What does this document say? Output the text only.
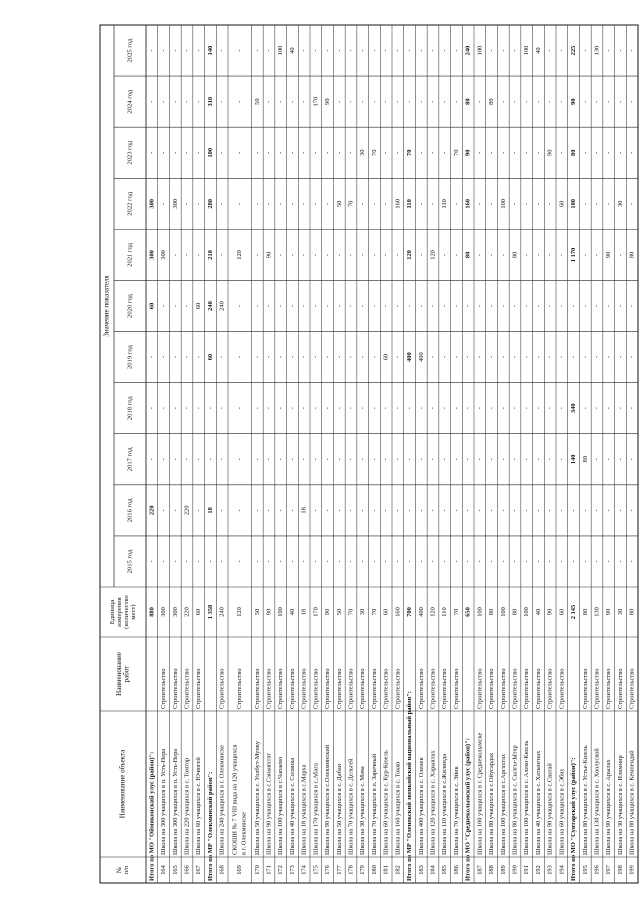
№ п/п
Наименование объекта
Наименование работ
Единица измерения (количество мест)
Значение показателя
2015 год
2016 год
2017 год
2018 год
2019 год
2020 год
2021 год
2022 год
2023 год
2024 год
2025 год
Итого по МО "Оймяконский улус (район)":
880
-
220
-
-
-
60
300
300
-
-
-
164
Школа на 300 учащихся в п. Усть-Нера
Строительство
300
-
-
-
-
-
-
300
-
-
-
-
165
Школа на 300 учащихся в п. Усть-Нера
Строительство
300
-
-
-
-
-
-
-
300
-
-
-
166
Школа на 220 учащихся в с. Томтор
Строительство
220
-
220
-
-
-
-
-
-
-
-
-
167
Школа на 60 учащихся в с. Ючюгей
Строительство
60
-
-
-
-
-
60
-
-
-
-
-
Итого по МР "Олекминский район":
1 358
-
18
-
-
60
240
210
280
100
310
140
168
Школа на 240 учащихся в г. Олекминске
Строительство
240
-
-
-
-
-
240
-
-
-
-
-
169
СКОШИ № 7 VIII вида на 120 учащихся в г. Олекминске
Строительство
120
-
-
-
-
-
-
120
-
-
-
-
170
Школа на 50 учащихся в с. Уолбут-Мунку
Строительство
50
-
-
-
-
-
-
-
-
-
50
-
171
Школа на 90 учащихся в с.Саныяхтат
Строительство
90
-
-
-
-
-
-
90
-
-
-
-
172
Школа на 100 учащихся в с.Чапаево
Строительство
100
-
-
-
-
-
-
-
-
-
-
100
173
Школа на 40 учащихся в с. Солянка
Строительство
40
-
-
-
-
-
-
-
-
-
-
40
174
Школа на 18 учащихся в с.Марха
Строительство
18
-
18
-
-
-
-
-
-
-
-
-
175
Школа на 170 учащихся в с.Абага
Строительство
170
-
-
-
-
-
-
-
-
-
170
-
176
Школа на 90 учащихся в с.Олекминский
Строительство
90
-
-
-
-
-
-
-
-
-
90
-
177
Школа на 50 учащихся в с. Дабан
Строительство
50
-
-
-
-
-
-
-
50
-
-
-
178
Школа на 70 учащихся в с. Дельгей
Строительство
70
-
-
-
-
-
-
-
70
-
-
-
179
Школа на 30 учащихся в с. Мача
Строительство
30
-
-
-
-
-
-
-
-
30
-
-
180
Школа на 70 учащихся в п. Заречный
Строительство
70
-
-
-
-
-
-
-
-
70
-
-
181
Школа на 60 учащихся в с. Кур-Кюель
Строительство
60
-
-
-
-
60
-
-
-
-
-
-
182
Школа на 160 учащихся в с. Токко
Строительство
160
-
-
-
-
-
-
-
160
-
-
-
Итого по МР "Оленекский эвенкийский национальный район":
700
-
-
-
-
400
-
120
110
70
-
-
183
Школа на 400 учащихся в с. Оленек
Строительство
400
-
-
-
-
400
-
-
-
-
-
-
184
Школа на 120 учащихся в с. Харыялах
Строительство
120
-
-
-
-
-
-
120
-
-
-
-
185
Школа на 110 учащихся в с.Жилинда
Строительство
110
-
-
-
-
-
-
-
110
-
-
-
186
Школа на 70 учащихся в с. Эйик
Строительство
70
-
-
-
-
-
-
-
-
70
-
-
Итого по МО "Среднеколымский улус (район)":
650
-
-
-
-
-
-
80
160
90
80
240
187
Школа на 100 учащихся в г. Среднеколымске
Строительство
100
-
-
-
-
-
-
-
-
-
-
100
188
Школа на 80 учащихся в с.Ойусардах
Строительство
80
-
-
-
-
-
-
-
-
-
80
-
189
Школа на 100 учащихся в с.Аргахтах
Строительство
100
-
-
-
-
-
-
-
100
-
-
-
190
Школа на 80 учащихся в с. Сылгы-Ытар
Строительство
80
-
-
-
-
-
-
80
-
-
-
-
191
Школа на 100 учащихся в с. Алеко-Кюель
Строительство
100
-
-
-
-
-
-
-
-
-
-
100
192
Школа на 40 учащихся в с. Хатынгнах
Строительство
40
-
-
-
-
-
-
-
-
-
-
40
193
Школа на 90 учащихся в с.Сватай
Строительство
90
-
-
-
-
-
-
-
-
90
-
-
194
Школа на 60 учащихся в с.Эбях
Строительство
60
-
-
-
-
-
-
-
60
-
-
-
Итого по МО "Сунтарский улус (район)":
2 145
-
-
140
340
-
-
1 170
100
80
90
225
195
Школа на 80 учащихся в с. Устье-Кюель
Строительство
80
-
-
80
-
-
-
-
-
-
-
-
196
Школа на 130 учащихся в с. Хоолуской
Строительство
130
-
-
-
-
-
-
-
-
-
-
130
197
Школа на 90 учащихся в с. Арылах
Строительство
90
-
-
-
-
-
-
90
-
-
-
-
198
Школа на 30 учащихся в с. Илимнир
Строительство
30
-
-
-
-
-
-
-
30
-
-
-
199
Школа на 80 учащихся в с. Кемпендяй
Строительство
80
-
-
-
-
-
-
80
-
-
-
-
